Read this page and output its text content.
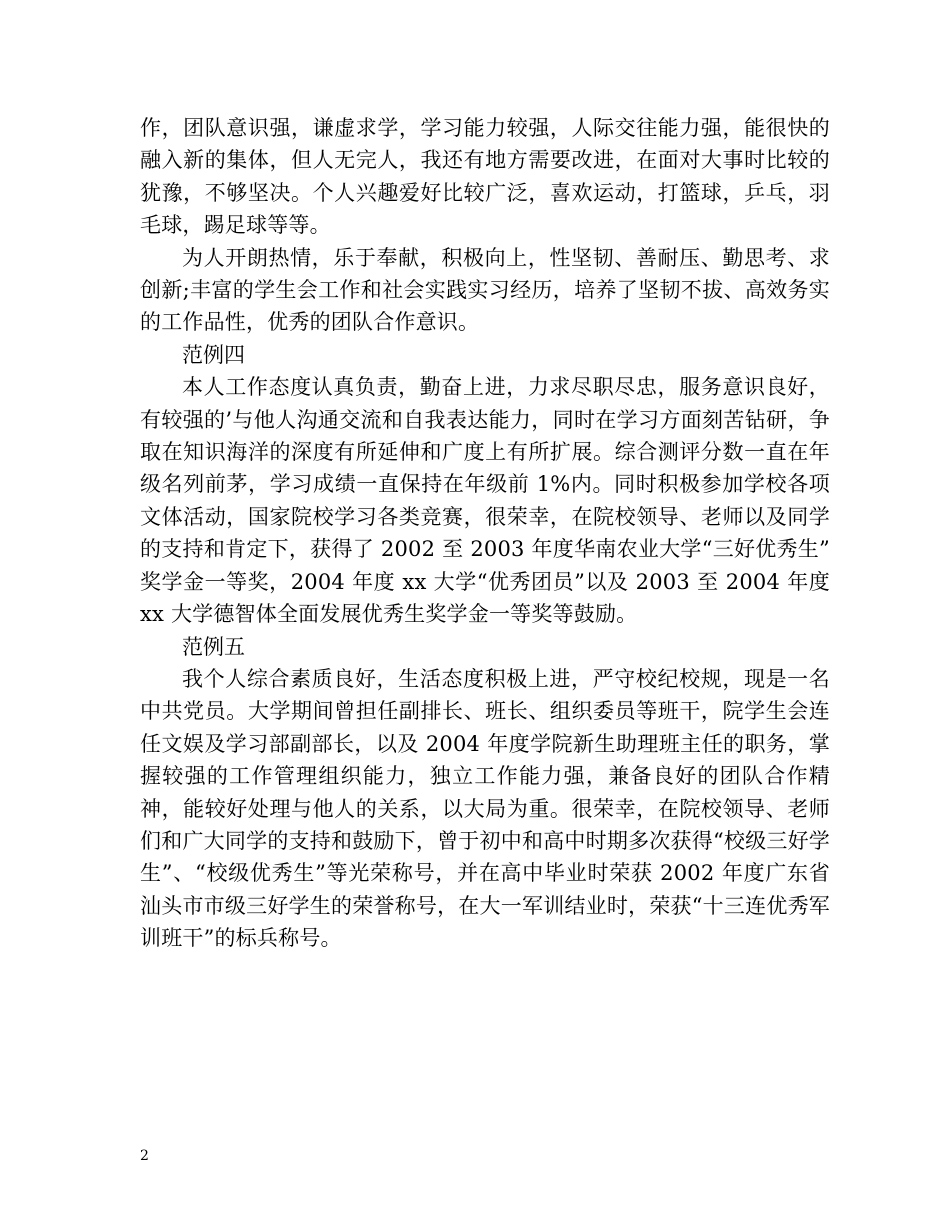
作，团队意识强，谦虚求学，学习能力较强，人际交往能力强，能很快的融入新的集体，但人无完人，我还有地方需要改进，在面对大事时比较的犹豫，不够坚决。个人兴趣爱好比较广泛，喜欢运动，打篮球，乒乓，羽毛球，踢足球等等。

为人开朗热情，乐于奉献，积极向上，性坚韧、善耐压、勤思考、求创新;丰富的学生会工作和社会实践实习经历，培养了坚韧不拔、高效务实的工作品性，优秀的团队合作意识。

范例四

本人工作态度认真负责，勤奋上进，力求尽职尽忠，服务意识良好，有较强的’与他人沟通交流和自我表达能力，同时在学习方面刻苦钻研，争取在知识海洋的深度有所延伸和广度上有所扩展。综合测评分数一直在年级名列前茅，学习成绩一直保持在年级前 1%内。同时积极参加学校各项文体活动，国家院校学习各类竞赛，很荣幸，在院校领导、老师以及同学的支持和肯定下，获得了 2002 至 2003 年度华南农业大学“三好优秀生” 奖学金一等奖，2004 年度 xx 大学“优秀团员”以及 2003 至 2004 年度 xx 大学德智体全面发展优秀生奖学金一等奖等鼓励。

范例五

我个人综合素质良好，生活态度积极上进，严守校纪校规，现是一名中共党员。大学期间曾担任副排长、班长、组织委员等班干，院学生会连任文娱及学习部副部长，以及 2004 年度学院新生助理班主任的职务，掌握较强的工作管理组织能力，独立工作能力强，兼备良好的团队合作精神，能较好处理与他人的关系，以大局为重。很荣幸，在院校领导、老师们和广大同学的支持和鼓励下，曾于初中和高中时期多次获得“校级三好学生”、“校级优秀生”等光荣称号，并在高中毕业时荣获 2002 年度广东省汕头市市级三好学生的荣誉称号，在大一军训结业时，荣获“十三连优秀军训班干”的标兵称号。

2
